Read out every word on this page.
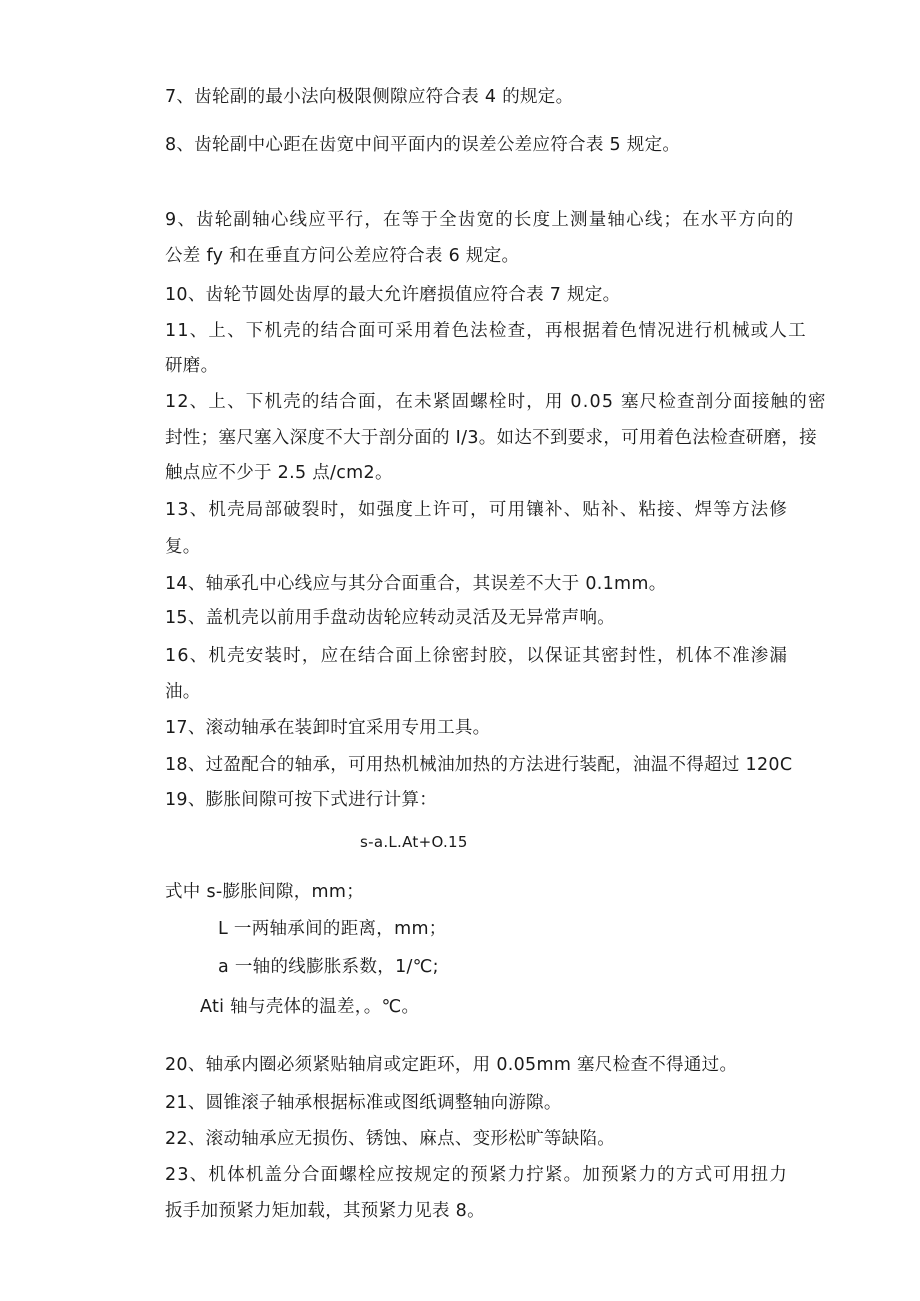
7、齿轮副的最小法向极限侧隙应符合表 4 的规定。
8、齿轮副中心距在齿宽中间平面内的误差公差应符合表 5 规定。
9、齿轮副轴心线应平行，在等于全齿宽的长度上测量轴心线；在水平方向的
公差 fy 和在垂直方问公差应符合表 6 规定。
10、齿轮节圆处齿厚的最大允许磨损值应符合表 7 规定。
11、上、下机壳的结合面可采用着色法检查，再根据着色情况进行机械或人工
研磨。
12、上、下机壳的结合面，在未紧固螺栓时，用 0.05 塞尺检查剖分面接触的密
封性；塞尺塞入深度不大于剖分面的 I/3。如达不到要求，可用着色法检查研磨，接
触点应不少于 2.5 点/cm2。
13、机壳局部破裂时，如强度上许可，可用镶补、贴补、粘接、焊等方法修
复。
14、轴承孔中心线应与其分合面重合，其误差不大于 0.1mm。
15、盖机壳以前用手盘动齿轮应转动灵活及无异常声响。
16、机壳安装时，应在结合面上徐密封胶，以保证其密封性，机体不准渗漏
油。
17、滚动轴承在装卸时宜采用专用工具。
18、过盈配合的轴承，可用热机械油加热的方法进行装配，油温不得超过 120C
19、膨胀间隙可按下式进行计算：
s-a.L.At+O.15
式中 s-膨胀间隙，mm；
L 一两轴承间的距离，mm；
a 一轴的线膨胀系数，1/℃;
Ati 轴与壳体的温差，。℃。
20、轴承内圈必须紧贴轴肩或定距环，用 0.05mm 塞尺检查不得通过。
21、圆锥滚子轴承根据标准或图纸调整轴向游隙。
22、滚动轴承应无损伤、锈蚀、麻点、变形松旷等缺陷。
23、机体机盖分合面螺栓应按规定的预紧力拧紧。加预紧力的方式可用扭力
扳手加预紧力矩加载，其预紧力见表 8。
